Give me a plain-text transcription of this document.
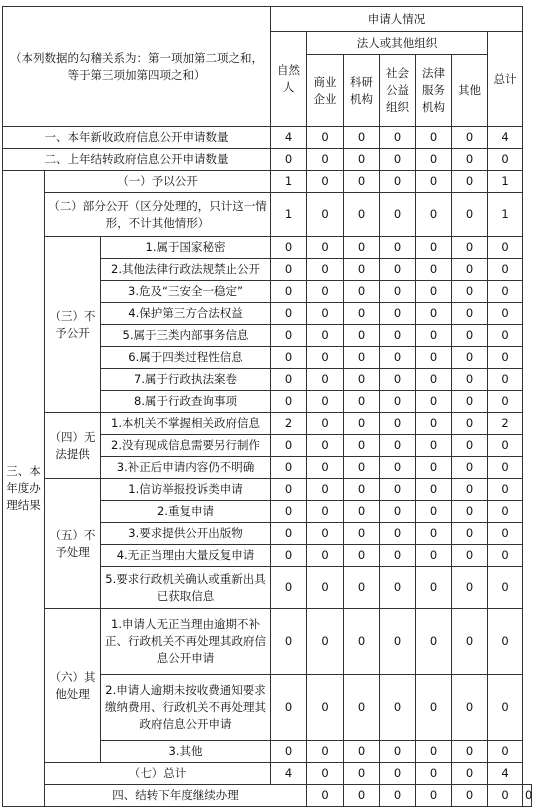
（本列数据的勾稽关系为：第一项加第二项之和，等于第三项加第四项之和）			申请人情况							
			自然人	法人或其他组织					总计	
				商业企业	科研机构	社会公益组织	法律服务机构	其他		
一、本年新收政府信息公开申请数量			4	0	0	0	0	0	4	
二、上年结转政府信息公开申请数量			0	0	0	0	0	0	0	
三、本年度办理结果	（一）予以公开		1	0	0	0	0	0	1	
	（二）部分公开（区分处理的，只计这一情形，不计其他情形）		1	0	0	0	0	0	1	
	（三）不予公开	1.属于国家秘密	0	0	0	0	0	0	0	
		2.其他法律行政法规禁止公开	0	0	0	0	0	0	0	
		3.危及“三安全一稳定”	0	0	0	0	0	0	0	
		4.保护第三方合法权益	0	0	0	0	0	0	0	
		5.属于三类内部事务信息	0	0	0	0	0	0	0	
		6.属于四类过程性信息	0	0	0	0	0	0	0	
		7.属于行政执法案卷	0	0	0	0	0	0	0	
		8.属于行政查询事项	0	0	0	0	0	0	0	
	（四）无法提供	1.本机关不掌握相关政府信息	2	0	0	0	0	0	2	
		2.没有现成信息需要另行制作	0	0	0	0	0	0	0	
		3.补正后申请内容仍不明确	0	0	0	0	0	0	0	
	（五）不予处理	1.信访举报投诉类申请	0	0	0	0	0	0	0	
		2.重复申请	0	0	0	0	0	0	0	
		3.要求提供公开出版物	0	0	0	0	0	0	0	
		4.无正当理由大量反复申请	0	0	0	0	0	0	0	
		5.要求行政机关确认或重新出具已获取信息	0	0	0	0	0	0	0	
	（六）其他处理	1.申请人无正当理由逾期不补正、行政机关不再处理其政府信息公开申请	0	0	0	0	0	0	0	
		2.申请人逾期未按收费通知要求缴纳费用、行政机关不再处理其政府信息公开申请	0	0	0	0	0	0	0	
		3.其他	0	0	0	0	0	0	0	
	（七）总计		4	0	0	0	0	0	4	
	四、结转下年度继续办理			0	0	0	0	0	0	0
